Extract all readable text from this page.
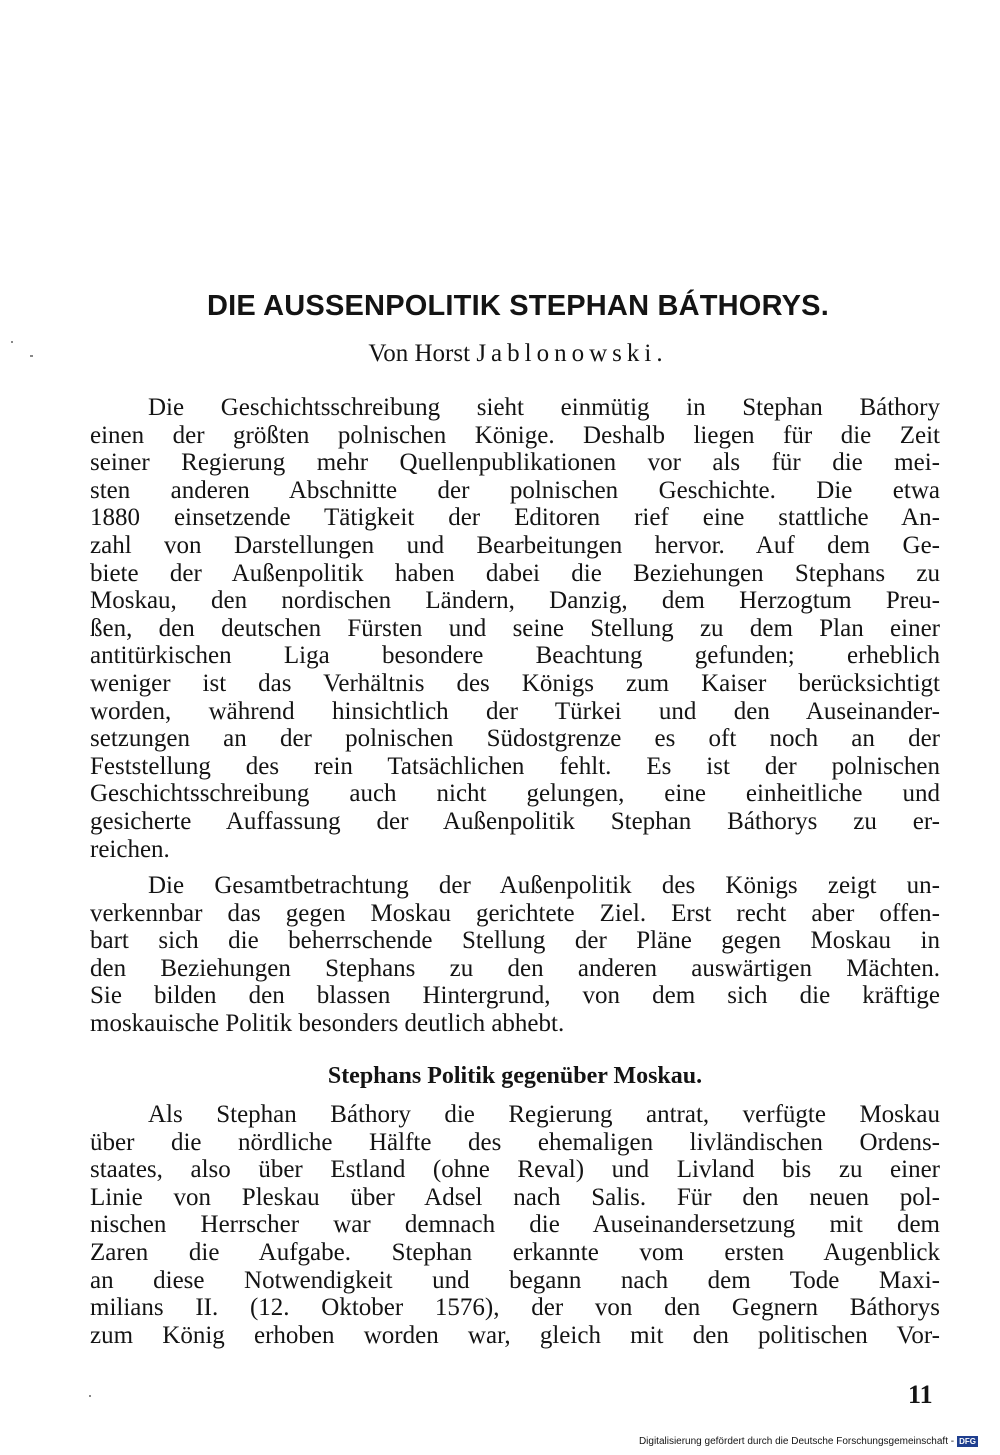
DIE AUSSENPOLITIK STEPHAN BÁTHORYS.
Von Horst Jablonowski.
Die Geschichtsschreibung sieht einmütig in Stephan Báthory
einen der größten polnischen Könige. Deshalb liegen für die Zeit
seiner Regierung mehr Quellenpublikationen vor als für die mei-
sten anderen Abschnitte der polnischen Geschichte. Die etwa
1880 einsetzende Tätigkeit der Editoren rief eine stattliche An-
zahl von Darstellungen und Bearbeitungen hervor. Auf dem Ge-
biete der Außenpolitik haben dabei die Beziehungen Stephans zu
Moskau, den nordischen Ländern, Danzig, dem Herzogtum Preu-
ßen, den deutschen Fürsten und seine Stellung zu dem Plan einer
antitürkischen Liga besondere Beachtung gefunden; erheblich
weniger ist das Verhältnis des Königs zum Kaiser berücksichtigt
worden, während hinsichtlich der Türkei und den Auseinander-
setzungen an der polnischen Südostgrenze es oft noch an der
Feststellung des rein Tatsächlichen fehlt. Es ist der polnischen
Geschichtsschreibung auch nicht gelungen, eine einheitliche und
gesicherte Auffassung der Außenpolitik Stephan Báthorys zu er-
reichen.
Die Gesamtbetrachtung der Außenpolitik des Königs zeigt un-
verkennbar das gegen Moskau gerichtete Ziel. Erst recht aber offen-
bart sich die beherrschende Stellung der Pläne gegen Moskau in
den Beziehungen Stephans zu den anderen auswärtigen Mächten.
Sie bilden den blassen Hintergrund, von dem sich die kräftige
moskauische Politik besonders deutlich abhebt.
Stephans Politik gegenüber Moskau.
Als Stephan Báthory die Regierung antrat, verfügte Moskau
über die nördliche Hälfte des ehemaligen livländischen Ordens-
staates, also über Estland (ohne Reval) und Livland bis zu einer
Linie von Pleskau über Adsel nach Salis. Für den neuen pol-
nischen Herrscher war demnach die Auseinandersetzung mit dem
Zaren die Aufgabe. Stephan erkannte vom ersten Augenblick
an diese Notwendigkeit und begann nach dem Tode Maxi-
milians II. (12. Oktober 1576), der von den Gegnern Báthorys
zum König erhoben worden war, gleich mit den politischen Vor-
11
Digitalisierung gefördert durch die Deutsche Forschungsgemeinschaft - DFG
